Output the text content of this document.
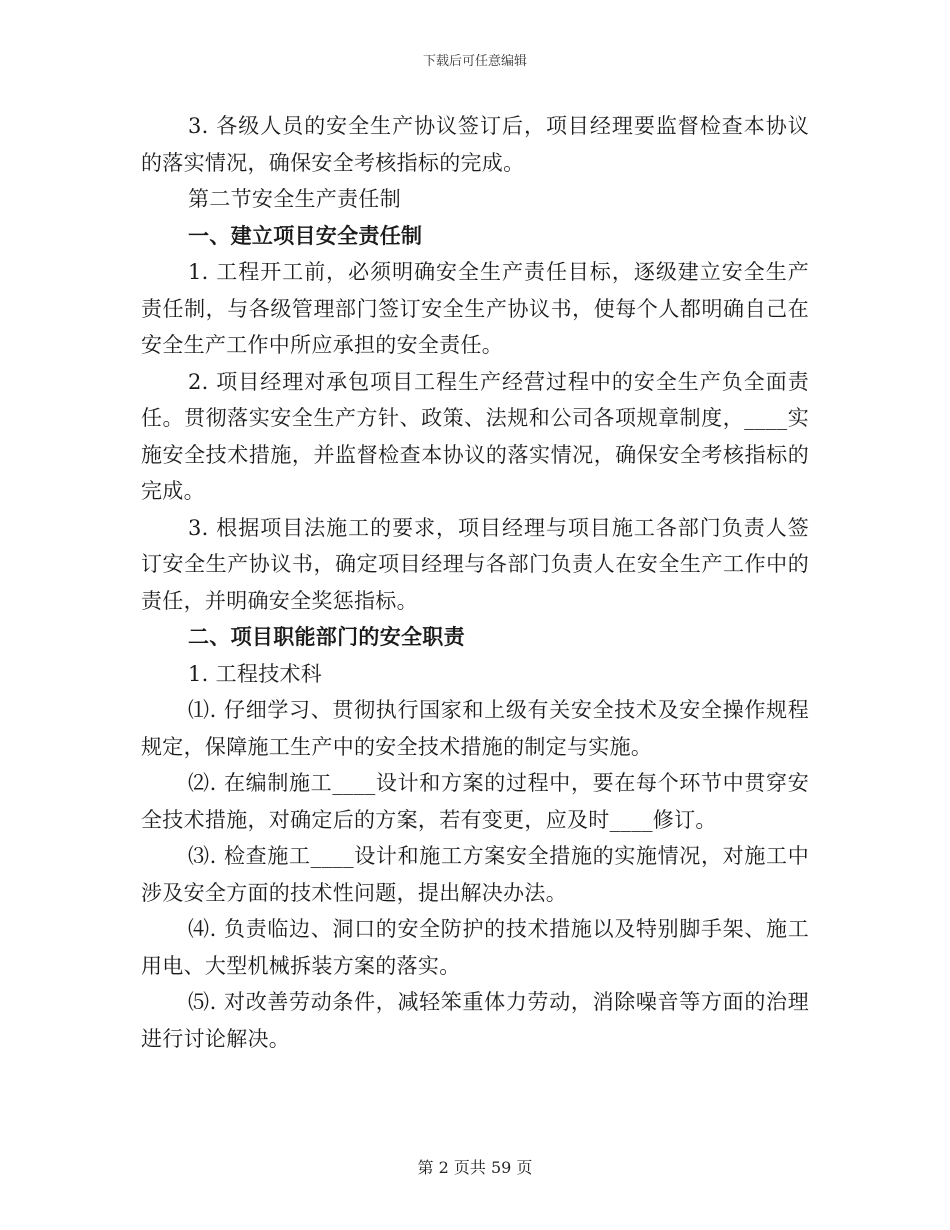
下载后可任意编辑

3. 各级人员的安全生产协议签订后，项目经理要监督检查本协议的落实情况，确保安全考核指标的完成。

第二节安全生产责任制

一、建立项目安全责任制

1. 工程开工前，必须明确安全生产责任目标，逐级建立安全生产责任制，与各级管理部门签订安全生产协议书，使每个人都明确自己在安全生产工作中所应承担的安全责任。

2. 项目经理对承包项目工程生产经营过程中的安全生产负全面责任。贯彻落实安全生产方针、政策、法规和公司各项规章制度，____实施安全技术措施，并监督检查本协议的落实情况，确保安全考核指标的完成。

3. 根据项目法施工的要求，项目经理与项目施工各部门负责人签订安全生产协议书，确定项目经理与各部门负责人在安全生产工作中的责任，并明确安全奖惩指标。

二、项目职能部门的安全职责

1. 工程技术科

⑴. 仔细学习、贯彻执行国家和上级有关安全技术及安全操作规程规定，保障施工生产中的安全技术措施的制定与实施。

⑵. 在编制施工____设计和方案的过程中，要在每个环节中贯穿安全技术措施，对确定后的方案，若有变更，应及时____修订。

⑶. 检查施工____设计和施工方案安全措施的实施情况，对施工中涉及安全方面的技术性问题，提出解决办法。

⑷. 负责临边、洞口的安全防护的技术措施以及特别脚手架、施工用电、大型机械拆装方案的落实。

⑸. 对改善劳动条件，减轻笨重体力劳动，消除噪音等方面的治理进行讨论解决。

第 2 页共 59 页
